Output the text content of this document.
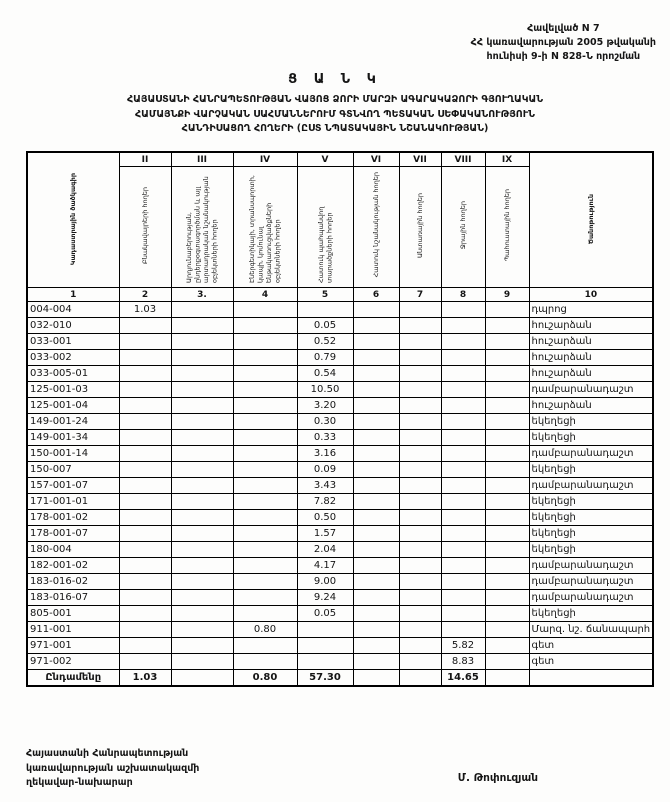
Հավելված N 7
ՀՀ կառավարության 2005 թվականի
հունիսի 9-ի N 828-Ն որոշման
Ց Ա Ն Կ
ՀԱՅԱՍՏԱՆԻ ՀԱՆՐԱՊԵՏՈՒԹՅԱՆ ՎԱՅՈՑ ՁՈՐԻ ՄԱՐԶԻ ԱԳԱՐԱԿԱՁՈՐԻ ԳՅՈՒՂԱԿԱՆ
ՀԱՄԱՅՆՔԻ ՎԱՐՉԱԿԱՆ ՍԱՀՄԱՆՆԵՐՈՒՄ ԳՏՆՎՈՂ ՊԵՏԱԿԱՆ ՍԵՓԱԿԱՆՈՒԹՅՈՒՆ
ՀԱՆԴԻՍԱՑՈՂ ՀՈՂԵՐԻ (ԸՍՏ ՆՊԱՏԱԿԱՅԻՆ ՆՇԱՆԱԿՈՒԹՅԱՆ)
Կադաստրային ծածկագիր	II	III	IV	V	VI	VII	VIII	IX	Ծանոթություն
	Բնակավայրերի հողեր	Արդյունաբերության, ընդերքօգտագործման և այլ արտադրական նշանակության օբյեկտների հողեր	Էներգետիկայի, տրանսպորտի, կապի, կոմունալ ենթակառուցվածքների օբյեկտների հողեր	Հատուկ պահպանվող տարածքների հողեր	Հատուկ նշանակության հողեր	Անտառային հողեր	Ջրային հողեր	Պահուստային հողեր	
1	2	3.	4	5	6	7	8	9	10
004-004	1.03								դպրոց
032-010				0.05					հուշարձան
033-001				0.52					հուշարձան
033-002				0.79					հուշարձան
033-005-01				0.54					հուշարձան
125-001-03				10.50					դամբարանադաշտ
125-001-04				3.20					հուշարձան
149-001-24				0.30					եկեղեցի
149-001-34				0.33					եկեղեցի
150-001-14				3.16					դամբարանադաշտ
150-007				0.09					եկեղեցի
157-001-07				3.43					դամբարանադաշտ
171-001-01				7.82					եկեղեցի
178-001-02				0.50					եկեղեցի
178-001-07				1.57					եկեղեցի
180-004				2.04					եկեղեցի
182-001-02				4.17					դամբարանադաշտ
183-016-02				9.00					դամբարանադաշտ
183-016-07				9.24					դամբարանադաշտ
805-001				0.05					եկեղեցի
911-001			0.80						Մարզ. նշ. ճանապարհ
971-001							5.82		գետ
971-002							8.83		գետ
Ընդամենը	1.03		0.80	57.30			14.65		
Հայաստանի Հանրապետության
կառավարության աշխատակազմի
ղեկավար-նախարար	Մ. Թոփուզյան
